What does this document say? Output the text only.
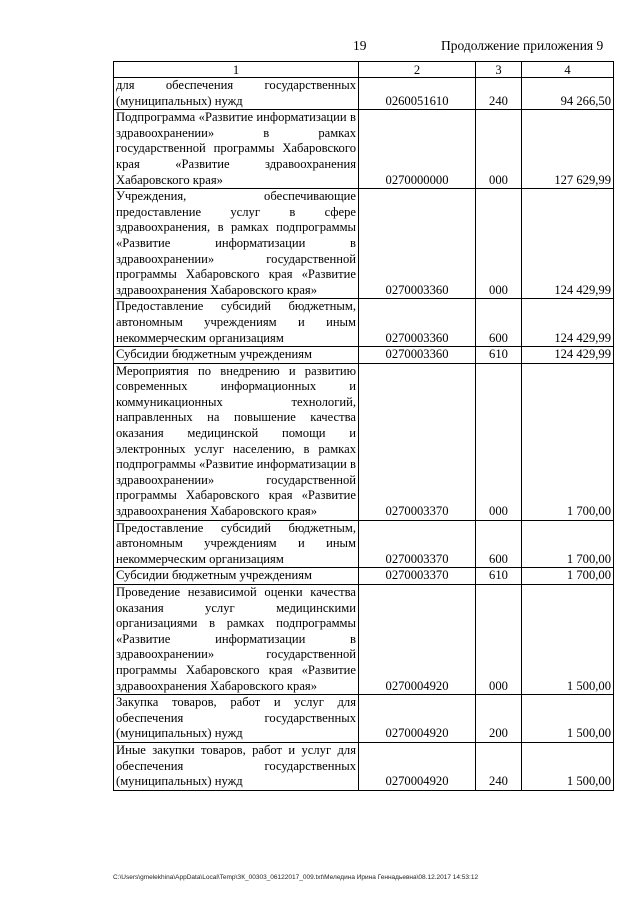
19	Продолжение приложения 9
1	2	3	4
для обеспечения государственных (муниципальных) нужд	0260051610	240	94 266,50
Подпрограмма «Развитие информатизации в здравоохранении» в рамках государственной программы Хабаровского края «Развитие здравоохранения Хабаровского края»	0270000000	000	127 629,99
Учреждения, обеспечивающие предоставление услуг в сфере здравоохранения, в рамках подпрограммы «Развитие информатизации в здравоохранении» государственной программы Хабаровского края «Развитие здравоохранения Хабаровского края»	0270003360	000	124 429,99
Предоставление субсидий бюджетным, автономным учреждениям и иным некоммерческим организациям	0270003360	600	124 429,99
Субсидии бюджетным учреждениям	0270003360	610	124 429,99
Мероприятия по внедрению и развитию современных информационных и коммуникационных технологий, направленных на повышение качества оказания медицинской помощи и электронных услуг населению, в рамках подпрограммы «Развитие информатизации в здравоохранении» государственной программы Хабаровского края «Развитие здравоохранения Хабаровского края»	0270003370	000	1 700,00
Предоставление субсидий бюджетным, автономным учреждениям и иным некоммерческим организациям	0270003370	600	1 700,00
Субсидии бюджетным учреждениям	0270003370	610	1 700,00
Проведение независимой оценки качества оказания услуг медицинскими организациями в рамках подпрограммы «Развитие информатизации в здравоохранении» государственной программы Хабаровского края «Развитие здравоохранения Хабаровского края»	0270004920	000	1 500,00
Закупка товаров, работ и услуг для обеспечения государственных (муниципальных) нужд	0270004920	200	1 500,00
Иные закупки товаров, работ и услуг для обеспечения государственных (муниципальных) нужд	0270004920	240	1 500,00
C:\Users\gmelekhina\AppData\Local\Temp\ЗК_00303_06122017_009.txt\Меледина Ирина Геннадьевна\08.12.2017 14:53:12
